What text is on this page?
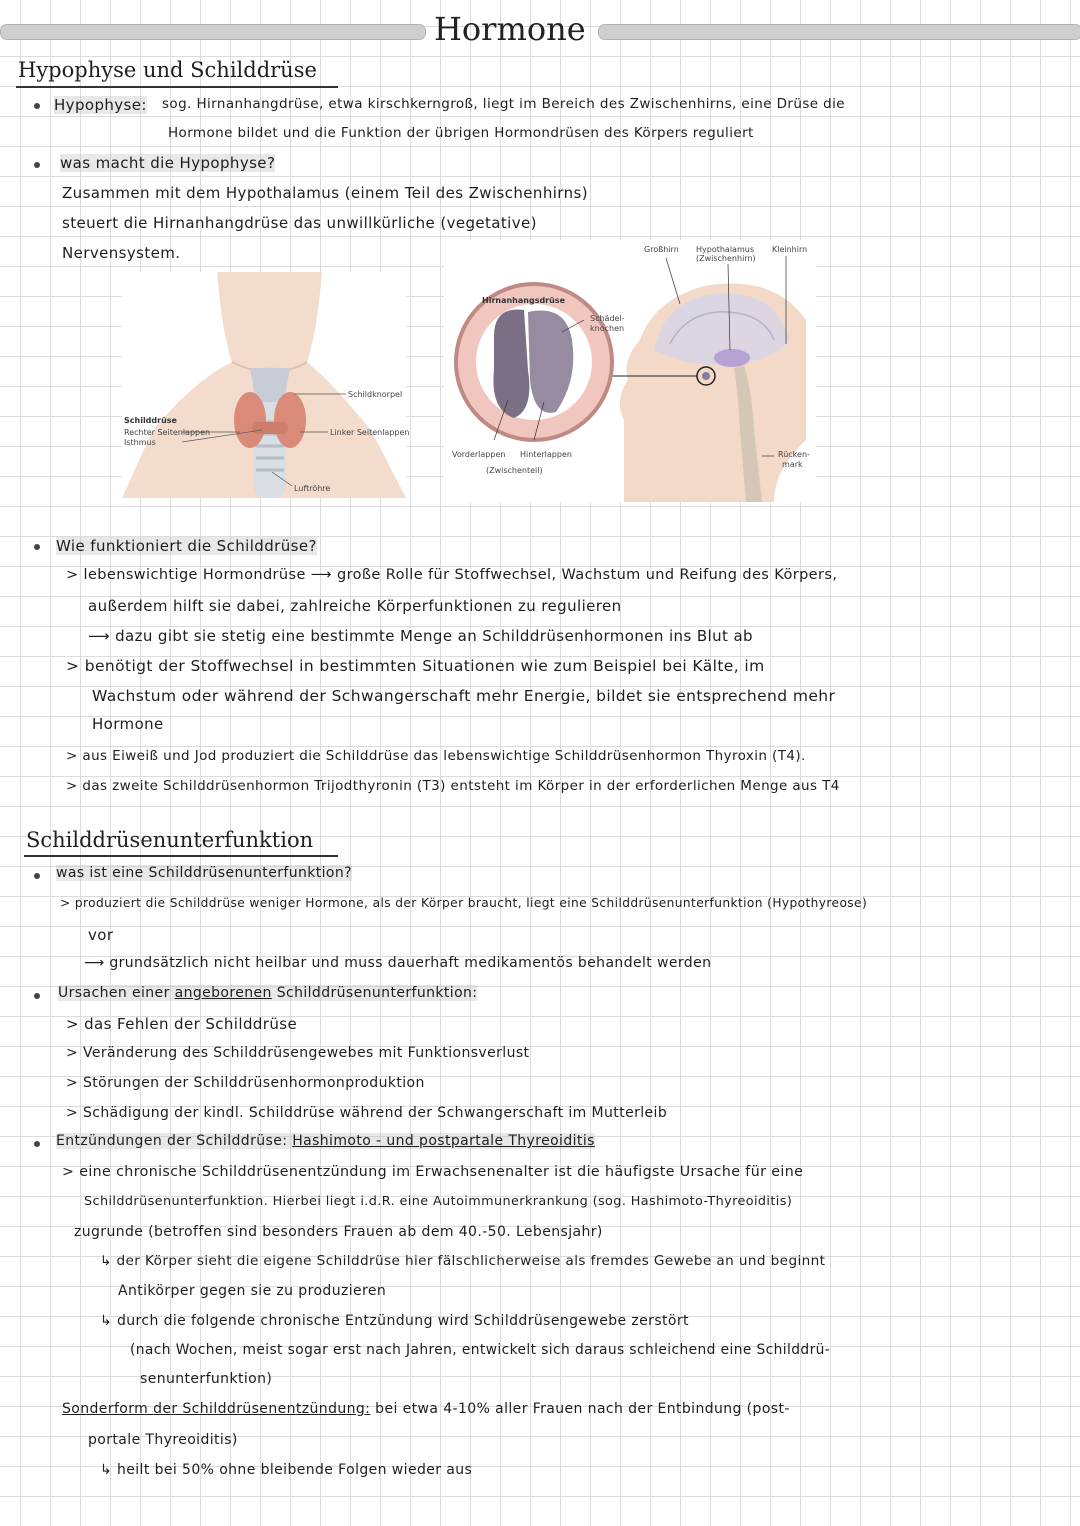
Hormone
Hypophyse und Schilddrüse
Hypophyse: sog. Hirnanhangdrüse, etwa kirschkerngroß, liegt im Bereich des Zwischenhirns, eine Drüse die
Hormone bildet und die Funktion der übrigen Hormondrüsen des Körpers reguliert
was macht die Hypophyse?
Zusammen mit dem Hypothalamus (einem Teil des Zwischenhirns)
steuert die Hirnanhangdrüse das unwillkürliche (vegetative)
Nervensystem.
Schildknorpel
Schilddrüse
Rechter Seitenlappen
Isthmus
Linker Seitenlappen
Luftröhre
Hirnanhangsdrüse
Schädel-
knochen
Vorderlappen Hinterlappen
(Zwischenteil)
Großhirn Hypothalamus
(Zwischenhirn)
Kleinhirn
Rücken-
mark
Wie funktioniert die Schilddrüse?
> lebenswichtige Hormondrüse ⟶ große Rolle für Stoffwechsel, Wachstum und Reifung des Körpers,
außerdem hilft sie dabei, zahlreiche Körperfunktionen zu regulieren
⟶ dazu gibt sie stetig eine bestimmte Menge an Schilddrüsenhormonen ins Blut ab
> benötigt der Stoffwechsel in bestimmten Situationen wie zum Beispiel bei Kälte, im
Wachstum oder während der Schwangerschaft mehr Energie, bildet sie entsprechend mehr
Hormone
> aus Eiweiß und Jod produziert die Schilddrüse das lebenswichtige Schilddrüsenhormon Thyroxin (T4).
> das zweite Schilddrüsenhormon Trijodthyronin (T3) entsteht im Körper in der erforderlichen Menge aus T4
Schilddrüsenunterfunktion
was ist eine Schilddrüsenunterfunktion?
> produziert die Schilddrüse weniger Hormone, als der Körper braucht, liegt eine Schilddrüsenunterfunktion (Hypothyreose)
vor
⟶ grundsätzlich nicht heilbar und muss dauerhaft medikamentös behandelt werden
Ursachen einer angeborenen Schilddrüsenunterfunktion:
> das Fehlen der Schilddrüse
> Veränderung des Schilddrüsengewebes mit Funktionsverlust
> Störungen der Schilddrüsenhormonproduktion
> Schädigung der kindl. Schilddrüse während der Schwangerschaft im Mutterleib
Entzündungen der Schilddrüse: Hashimoto - und postpartale Thyreoiditis
> eine chronische Schilddrüsenentzündung im Erwachsenenalter ist die häufigste Ursache für eine
Schilddrüsenunterfunktion. Hierbei liegt i.d.R. eine Autoimmunerkrankung (sog. Hashimoto-Thyreoiditis)
zugrunde (betroffen sind besonders Frauen ab dem 40.-50. Lebensjahr)
↳ der Körper sieht die eigene Schilddrüse hier fälschlicherweise als fremdes Gewebe an und beginnt
Antikörper gegen sie zu produzieren
↳ durch die folgende chronische Entzündung wird Schilddrüsengewebe zerstört
(nach Wochen, meist sogar erst nach Jahren, entwickelt sich daraus schleichend eine Schilddrü-
senunterfunktion)
Sonderform der Schilddrüsenentzündung: bei etwa 4-10% aller Frauen nach der Entbindung (post-
portale Thyreoiditis)
↳ heilt bei 50% ohne bleibende Folgen wieder aus
